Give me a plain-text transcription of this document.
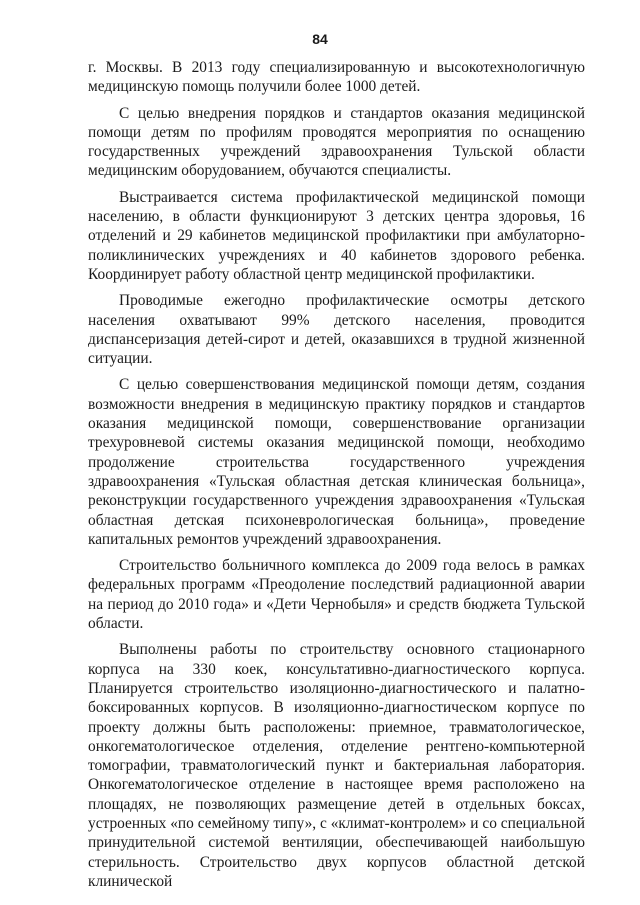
84

г. Москвы. В 2013 году специализированную и высокотехнологичную медицинскую помощь получили более 1000 детей.

С целью внедрения порядков и стандартов оказания медицинской помощи детям по профилям проводятся мероприятия по оснащению государственных учреждений здравоохранения Тульской области медицинским оборудованием, обучаются специалисты.

Выстраивается система профилактической медицинской помощи населению, в области функционируют 3 детских центра здоровья, 16 отделений и 29 кабинетов медицинской профилактики при амбулаторно-поликлинических учреждениях и 40 кабинетов здорового ребенка. Координирует работу областной центр медицинской профилактики.

Проводимые ежегодно профилактические осмотры детского населения охватывают 99% детского населения, проводится диспансеризация детей-сирот и детей, оказавшихся в трудной жизненной ситуации.

С целью совершенствования медицинской помощи детям, создания возможности внедрения в медицинскую практику порядков и стандартов оказания медицинской помощи, совершенствование организации трехуровневой системы оказания медицинской помощи, необходимо продолжение строительства государственного учреждения здравоохранения «Тульская областная детская клиническая больница», реконструкции государственного учреждения здравоохранения «Тульская областная детская психоневрологическая больница», проведение капитальных ремонтов учреждений здравоохранения.

Строительство больничного комплекса до 2009 года велось в рамках федеральных программ «Преодоление последствий радиационной аварии на период до 2010 года» и «Дети Чернобыля» и средств бюджета Тульской области.

Выполнены работы по строительству основного стационарного корпуса на 330 коек, консультативно-диагностического корпуса. Планируется строительство изоляционно-диагностического и палатно-боксированных корпусов. В изоляционно-диагностическом корпусе по проекту должны быть расположены: приемное, травматологическое, онкогематологическое отделения, отделение рентгено-компьютерной томографии, травматологический пункт и бактериальная лаборатория. Онкогематологическое отделение в настоящее время расположено на площадях, не позволяющих размещение детей в отдельных боксах, устроенных «по семейному типу», с «климат-контролем» и со специальной принудительной системой вентиляции, обеспечивающей наибольшую стерильность. Строительство двух корпусов областной детской клинической
